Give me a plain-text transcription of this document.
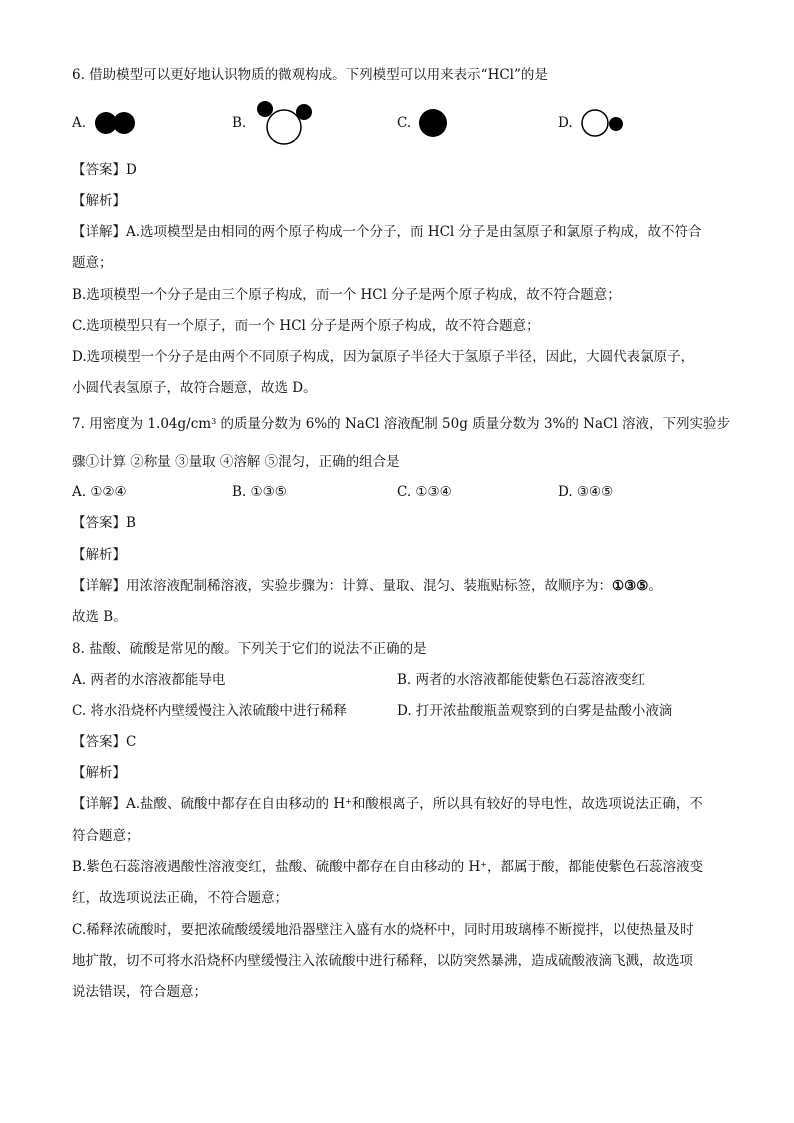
6. 借助模型可以更好地认识物质的微观构成。下列模型可以用来表示“HCl”的是
A.	B.	C.	D.
【答案】D
【解析】
【详解】A.选项模型是由相同的两个原子构成一个分子，而 HCl 分子是由氢原子和氯原子构成，故不符合
题意；
B.选项模型一个分子是由三个原子构成，而一个 HCl 分子是两个原子构成，故不符合题意；
C.选项模型只有一个原子，而一个 HCl 分子是两个原子构成，故不符合题意；
D.选项模型一个分子是由两个不同原子构成，因为氯原子半径大于氢原子半径，因此，大圆代表氯原子，
小圆代表氢原子，故符合题意，故选 D。
7. 用密度为 $1.04g/cm^3$ 的质量分数为 6%的 NaCl 溶液配制 50g 质量分数为 3%的 NaCl 溶液，下列实验步
骤①计算 ②称量 ③量取 ④溶解 ⑤混匀，正确的组合是
A. ①②④	B. ①③⑤	C. ①③④	D. ③④⑤
【答案】B
【解析】
【详解】用浓溶液配制稀溶液，实验步骤为：计算、量取、混匀、装瓶贴标签，故顺序为：①③⑤。
故选 B。
8. 盐酸、硫酸是常见的酸。下列关于它们的说法不正确的是
A. 两者的水溶液都能导电	B. 两者的水溶液都能使紫色石蕊溶液变红
C. 将水沿烧杯内壁缓慢注入浓硫酸中进行稀释	D. 打开浓盐酸瓶盖观察到的白雾是盐酸小液滴
【答案】C
【解析】
【详解】A.盐酸、硫酸中都存在自由移动的 H+和酸根离子，所以具有较好的导电性，故选项说法正确，不
符合题意；
B.紫色石蕊溶液遇酸性溶液变红，盐酸、硫酸中都存在自由移动的 H+，都属于酸，都能使紫色石蕊溶液变
红，故选项说法正确，不符合题意；
C.稀释浓硫酸时，要把浓硫酸缓缓地沿器壁注入盛有水的烧杯中，同时用玻璃棒不断搅拌，以使热量及时
地扩散，切不可将水沿烧杯内壁缓慢注入浓硫酸中进行稀释，以防突然暴沸，造成硫酸液滴飞溅，故选项
说法错误，符合题意；
